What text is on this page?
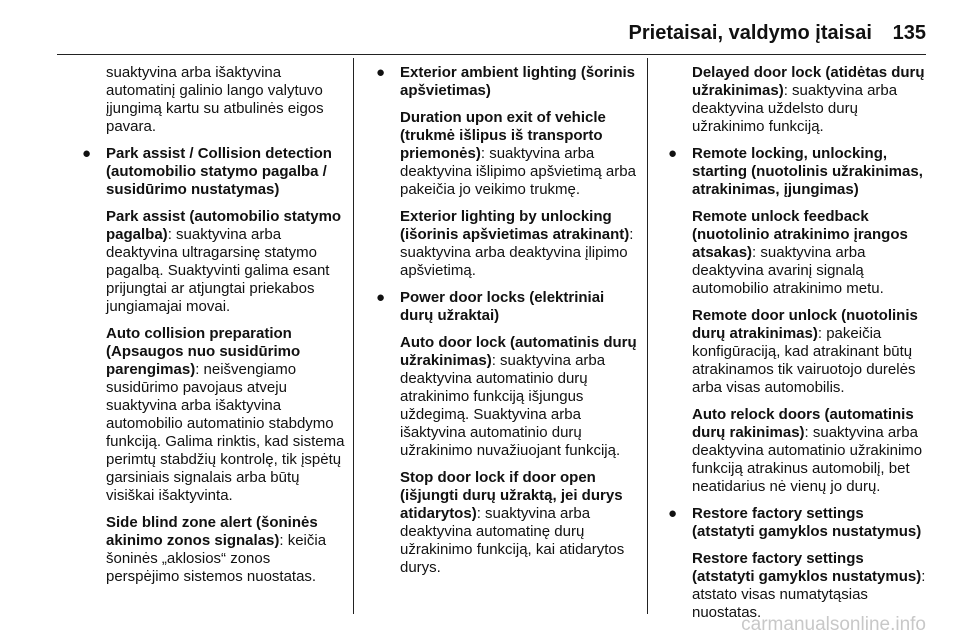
Prietaisai, valdymo įtaisai 135

suaktyvina arba išaktyvina automatinį galinio lango valytuvo įjungimą kartu su atbulinės eigos pavara.

● Park assist / Collision detection (automobilio statymo pagalba / susidūrimo nustatymas)

Park assist (automobilio statymo pagalba): suaktyvina arba deaktyvina ultragarsinę statymo pagalbą. Suaktyvinti galima esant prijungtai ar atjungtai priekabos jungiamajai movai.

Auto collision preparation (Apsaugos nuo susidūrimo parengimas): neišvengiamo susidūrimo pavojaus atveju suaktyvina arba išaktyvina automobilio automatinio stabdymo funkciją. Galima rinktis, kad sistema perimtų stabdžių kontrolę, tik įspėtų garsiniais signalais arba būtų visiškai išaktyvinta.

Side blind zone alert (šoninės akinimo zonos signalas): keičia šoninės „aklosios“ zonos perspėjimo sistemos nuostatas.

● Exterior ambient lighting (šorinis apšvietimas)

Duration upon exit of vehicle (trukmė išlipus iš transporto priemonės): suaktyvina arba deaktyvina išlipimo apšvietimą arba pakeičia jo veikimo trukmę.

Exterior lighting by unlocking (išorinis apšvietimas atrakinant): suaktyvina arba deaktyvina įlipimo apšvietimą.

● Power door locks (elektriniai durų užraktai)

Auto door lock (automatinis durų užrakinimas): suaktyvina arba deaktyvina automatinio durų atrakinimo funkciją išjungus uždegimą. Suaktyvina arba išaktyvina automatinio durų užrakinimo nuvažiuojant funkciją.

Stop door lock if door open (išjungti durų užraktą, jei durys atidarytos): suaktyvina arba deaktyvina automatinę durų užrakinimo funkciją, kai atidarytos durys.

Delayed door lock (atidėtas durų užrakinimas): suaktyvina arba deaktyvina uždelsto durų užrakinimo funkciją.

● Remote locking, unlocking, starting (nuotolinis užrakinimas, atrakinimas, įjungimas)

Remote unlock feedback (nuotolinio atrakinimo įrangos atsakas): suaktyvina arba deaktyvina avarinį signalą automobilio atrakinimo metu.

Remote door unlock (nuotolinis durų atrakinimas): pakeičia konfigūraciją, kad atrakinant būtų atrakinamos tik vairuotojo durelės arba visas automobilis.

Auto relock doors (automatinis durų rakinimas): suaktyvina arba deaktyvina automatinio užrakinimo funkciją atrakinus automobilį, bet neatidarius nė vienų jo durų.

● Restore factory settings (atstatyti gamyklos nustatymus)

Restore factory settings (atstatyti gamyklos nustatymus): atstato visas numatytąsias nuostatas.

carmanualsonline.info
